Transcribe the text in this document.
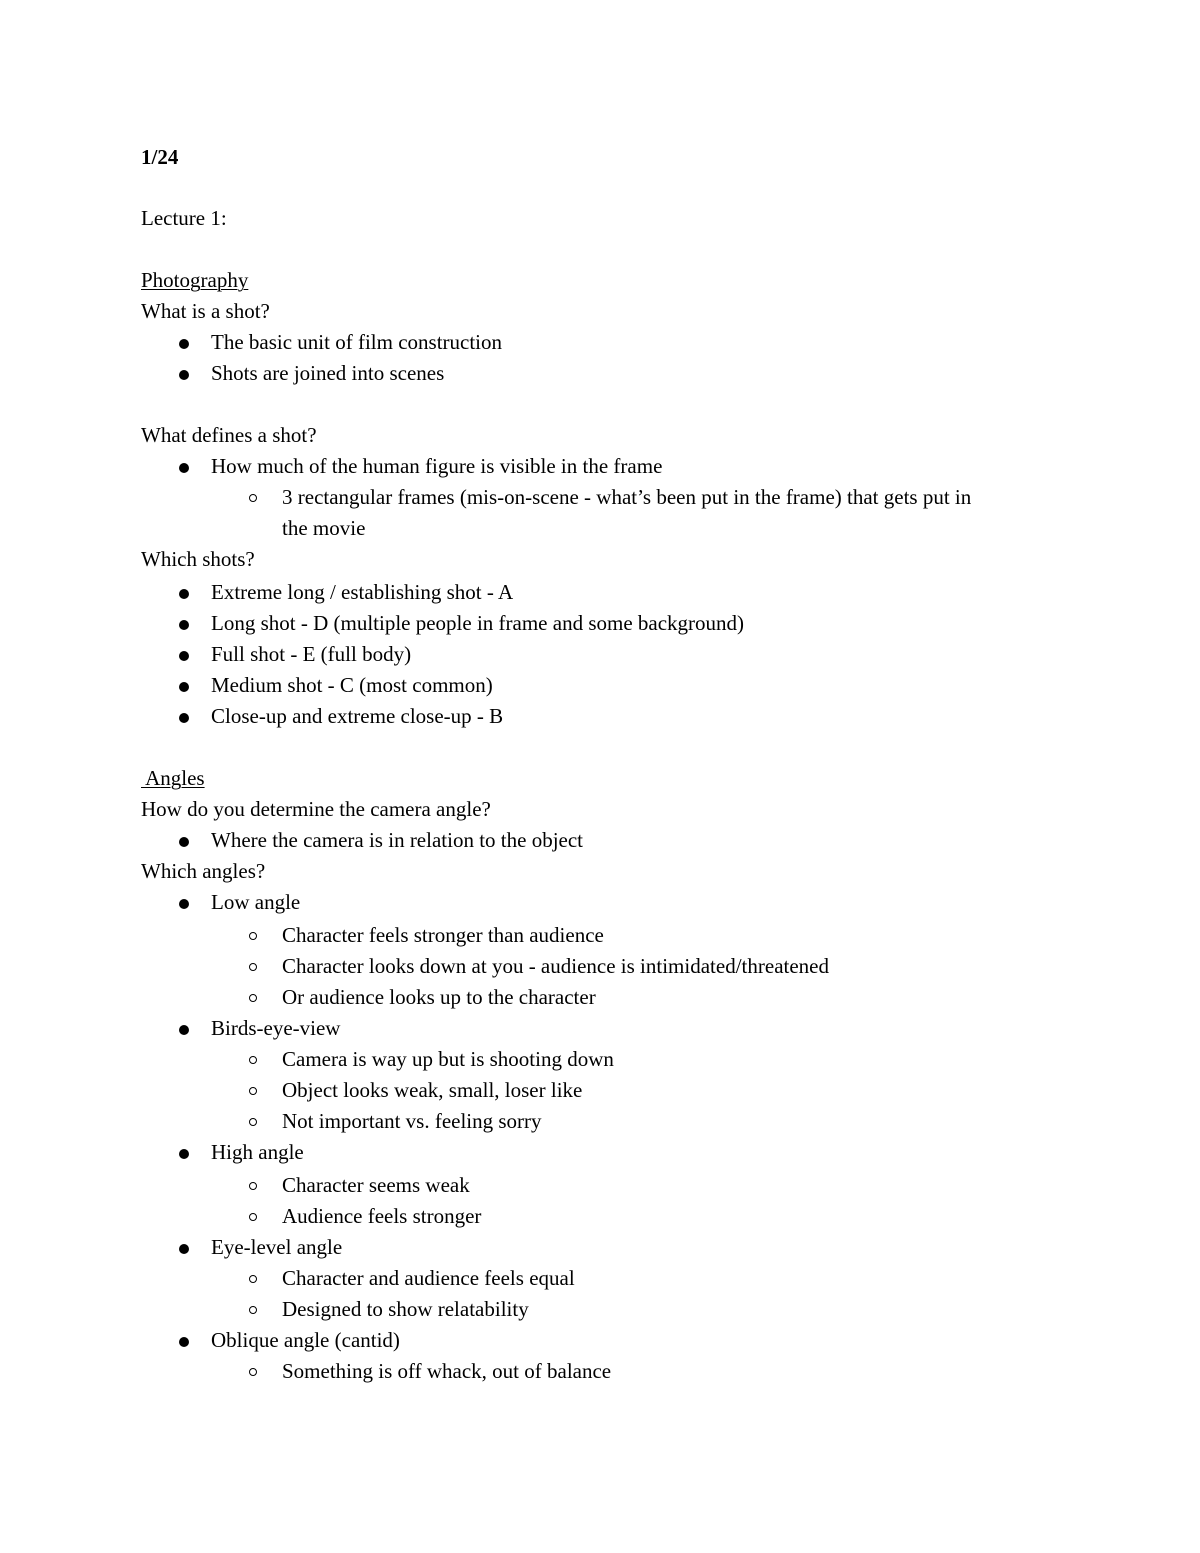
1/24
Lecture 1:
Photography
What is a shot?
The basic unit of film construction
Shots are joined into scenes
What defines a shot?
How much of the human figure is visible in the frame
3 rectangular frames (mis-on-scene - what’s been put in the frame) that gets put in
the movie
Which shots?
Extreme long / establishing shot - A
Long shot - D (multiple people in frame and some background)
Full shot - E (full body)
Medium shot - C (most common)
Close-up and extreme close-up - B
Angles
How do you determine the camera angle?
Where the camera is in relation to the object
Which angles?
Low angle
Character feels stronger than audience
Character looks down at you - audience is intimidated/threatened
Or audience looks up to the character
Birds-eye-view
Camera is way up but is shooting down
Object looks weak, small, loser like
Not important vs. feeling sorry
High angle
Character seems weak
Audience feels stronger
Eye-level angle
Character and audience feels equal
Designed to show relatability
Oblique angle (cantid)
Something is off whack, out of balance
